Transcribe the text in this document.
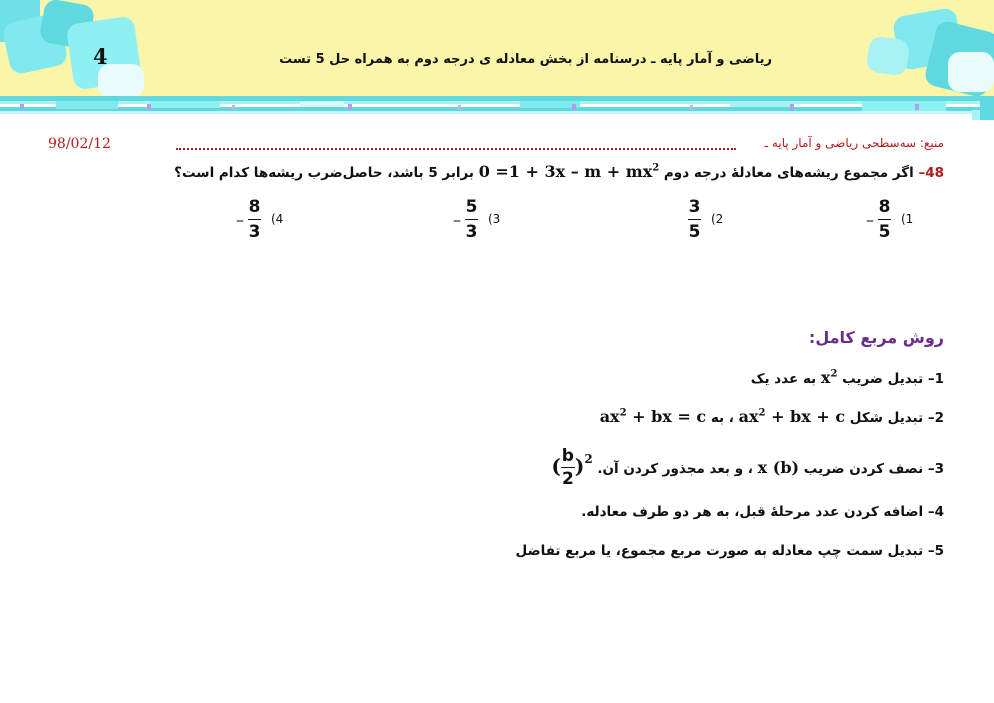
4	ریاضی و آمار پایه ـ درسنامه از بخش معادله ی درجه دوم به همراه حل 5 تست
منبع: سه‌سطحی ریاضی و آمار پایه ـ
98/02/12
48– اگر مجموع ریشه‌های معادلهٔ درجه دوم $0 =1 + 3x - m + mx^2$ برابر 5 باشد، حاصل‌ضرب ریشه‌ها کدام است؟
– $\frac{8}{5} (1$
$\frac{3}{5} (2$
– $\frac{5}{3} (3$
– $\frac{8}{3} (4$
روش مربع کامل:
1– تبدیل ضریب $x^2$ به عدد یک
2– تبدیل شکل $ax^2$ + bx + c ، به $ax^2$ + bx = c
3– نصف کردن ضریب x (b) ، و بعد مجذور کردن آن. ( $\frac{b}{2} )^2$
4– اضافه کردن عدد مرحلهٔ قبل، به هر دو طرف معادله.
5– تبدیل سمت چپ معادله به صورت مربع مجموع، یا مربع تفاضل
